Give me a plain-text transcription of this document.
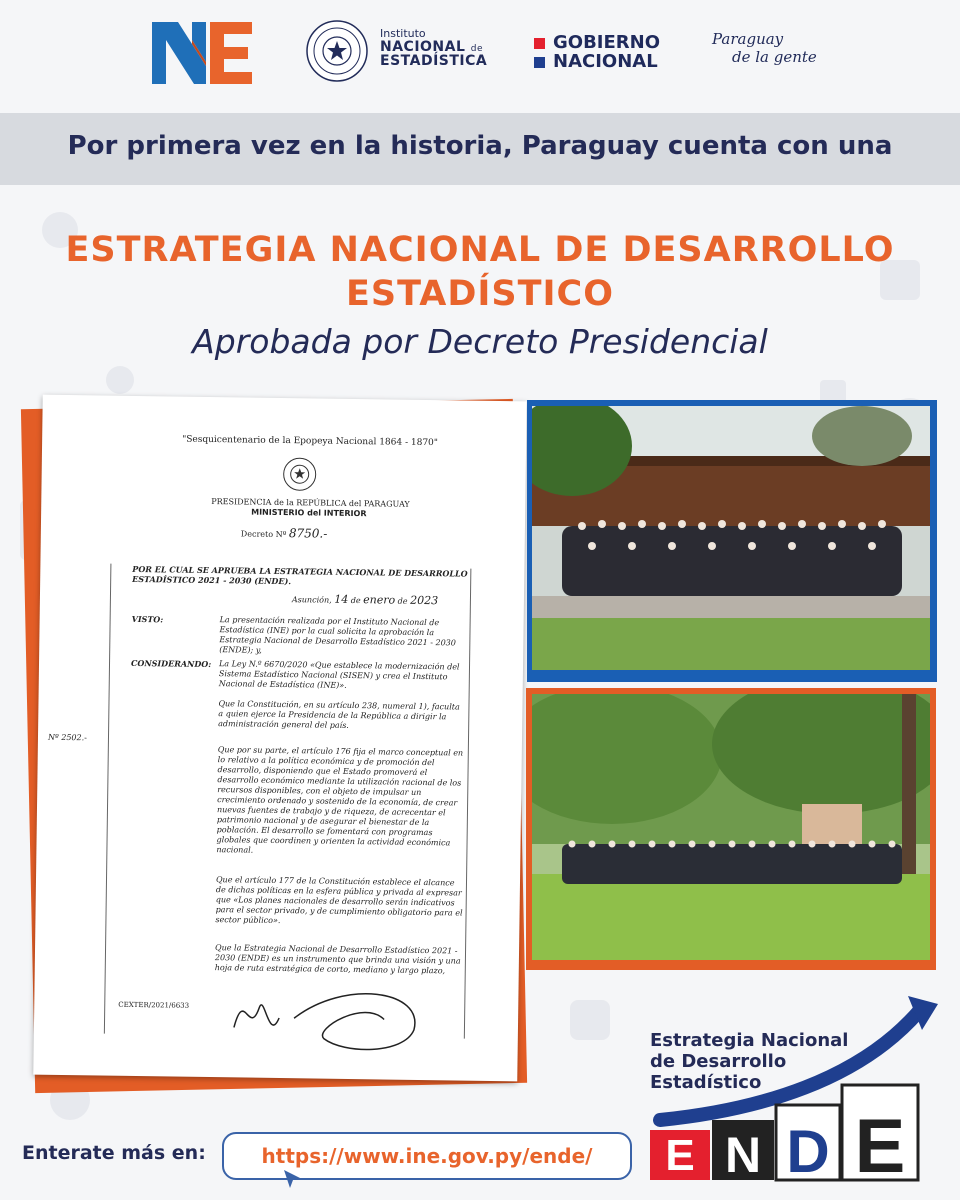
Instituto
NACIONAL de
ESTADÍSTICA
GOBIERNO
NACIONAL
Paraguay
de la gente
Por primera vez en la historia, Paraguay cuenta con una
ESTRATEGIA NACIONAL DE DESARROLLO
ESTADÍSTICO
Aprobada por Decreto Presidencial
"Sesquicentenario de la Epopeya Nacional 1864 - 1870"
PRESIDENCIA de la REPÚBLICA del PARAGUAY
MINISTERIO del INTERIOR
Decreto Nº 8750.-
POR EL CUAL SE APRUEBA LA ESTRATEGIA NACIONAL DE DESARROLLO ESTADÍSTICO 2021 - 2030 (ENDE).
Asunción, 14 de enero de 2023
VISTO:	La presentación realizada por el Instituto Nacional de Estadística (INE) por la cual solicita la aprobación la Estrategia Nacional de Desarrollo Estadístico 2021 - 2030 (ENDE); y,
CONSIDERANDO: La Ley N.º 6670/2020 «Que establece la modernización del Sistema Estadístico Nacional (SISEN) y crea el Instituto Nacional de Estadística (INE)».
Que la Constitución, en su artículo 238, numeral 1), faculta a quien ejerce la Presidencia de la República a dirigir la administración general del país.
Nº 2502.-
Que por su parte, el artículo 176 fija el marco conceptual en lo relativo a la política económica y de promoción del desarrollo, disponiendo que el Estado promoverá el desarrollo económico mediante la utilización racional de los recursos disponibles, con el objeto de impulsar un crecimiento ordenado y sostenido de la economía, de crear nuevas fuentes de trabajo y de riqueza, de acrecentar el patrimonio nacional y de asegurar el bienestar de la población. El desarrollo se fomentará con programas globales que coordinen y orienten la actividad económica nacional.
Que el artículo 177 de la Constitución establece el alcance de dichas políticas en la esfera pública y privada al expresar que «Los planes nacionales de desarrollo serán indicativos para el sector privado, y de cumplimiento obligatorio para el sector público».
Que la Estrategia Nacional de Desarrollo Estadístico 2021 - 2030 (ENDE) es un instrumento que brinda una visión y una hoja de ruta estratégica de corto, mediano y largo plazo,
CEXTER/2021/6633
Enterate más en:	https://www.ine.gov.py/ende/	E N D E
Estrategia Nacional
de Desarrollo
Estadístico
